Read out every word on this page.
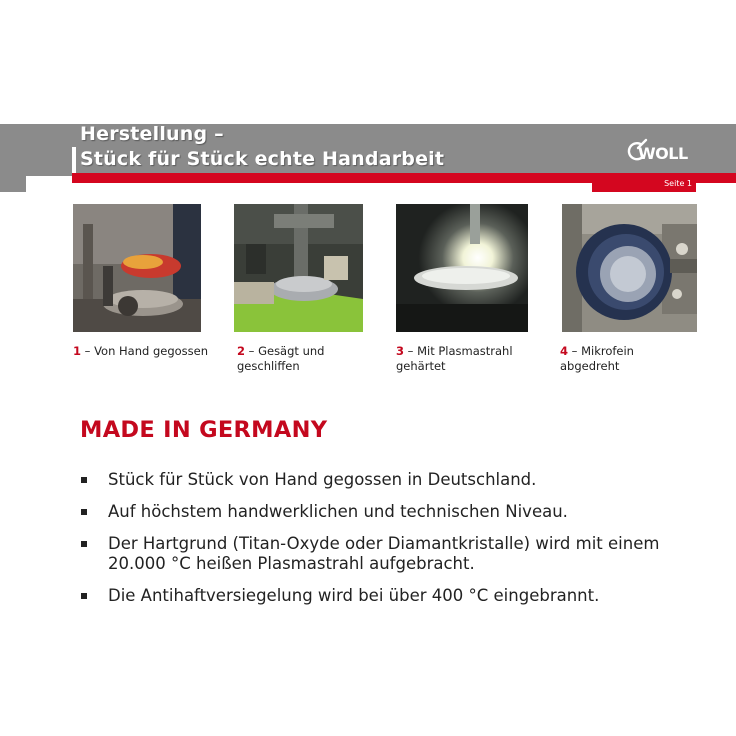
Herstellung –
Stück für Stück echte Handarbeit
Seite 1
WOLL
1 – Von Hand gegossen	2 – Gesägt und geschliffen
3 – Mit Plasmastrahl gehärtet
4 – Mikrofein abgedreht
MADE IN GERMANY
Stück für Stück von Hand gegossen in Deutschland.
Auf höchstem handwerklichen und technischen Niveau.
Der Hartgrund (Titan-Oxyde oder Diamantkristalle) wird mit einem 20.000 °C heißen Plasmastrahl aufgebracht.
Die Antihaftversiegelung wird bei über 400 °C eingebrannt.
